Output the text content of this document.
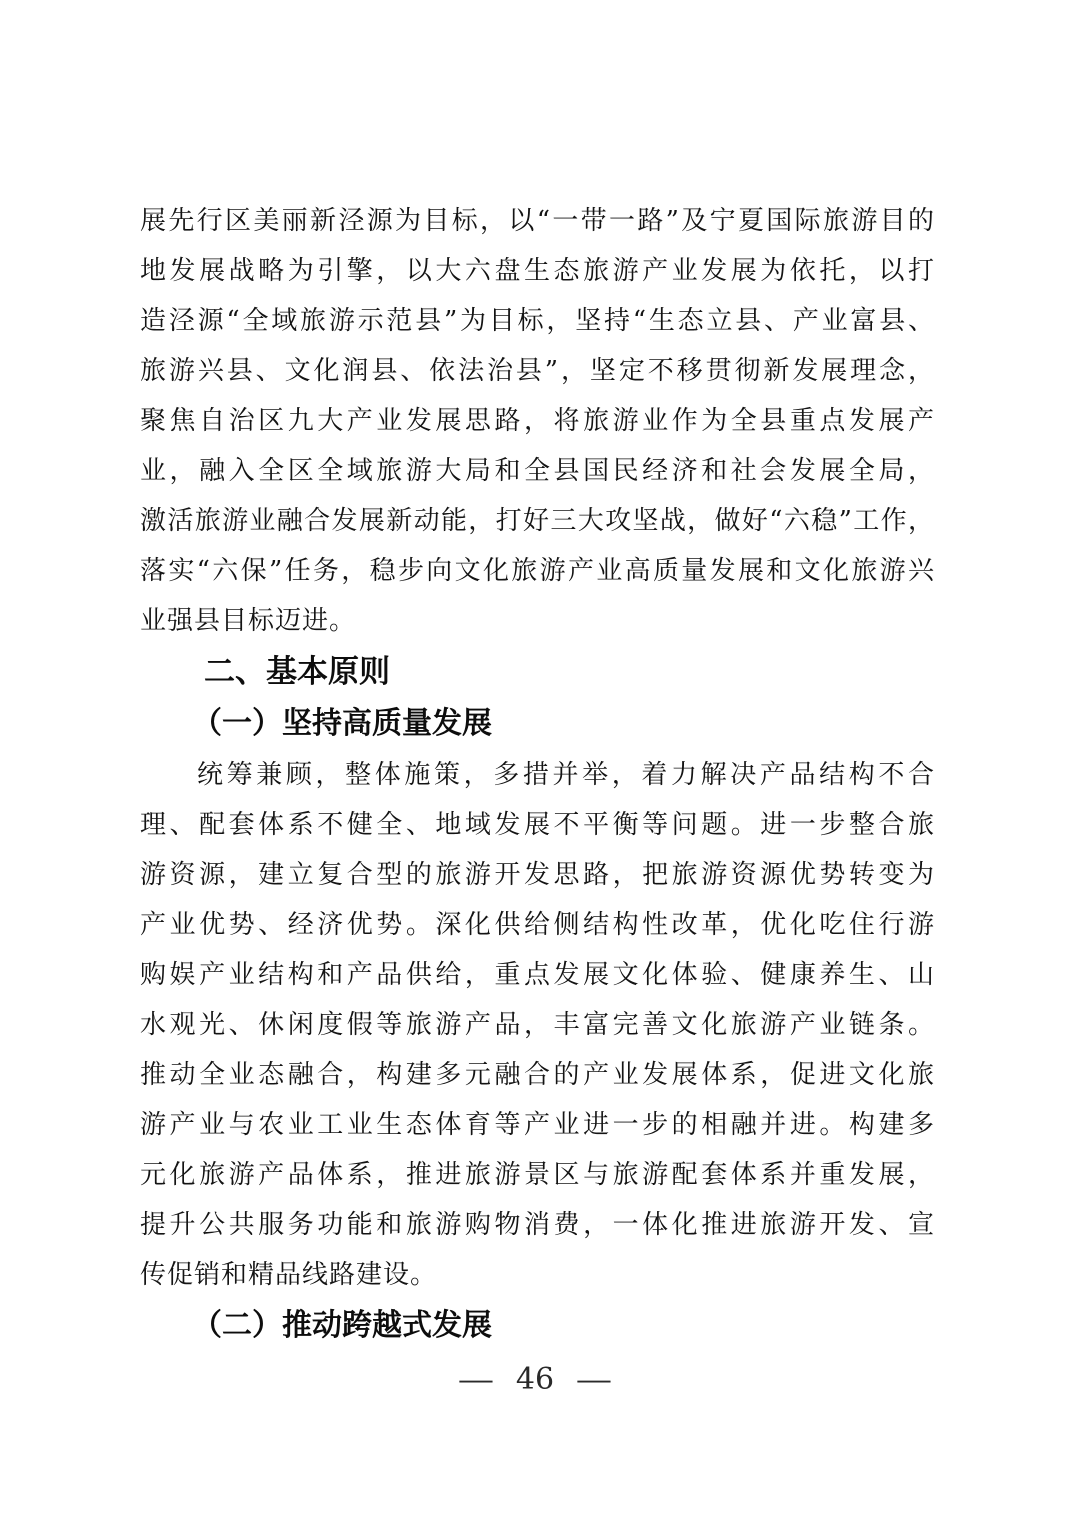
展先行区美丽新泾源为目标，以“一带一路”及宁夏国际旅游目的
地发展战略为引擎，以大六盘生态旅游产业发展为依托，以打
造泾源“全域旅游示范县”为目标，坚持“生态立县、产业富县、
旅游兴县、文化润县、依法治县”，坚定不移贯彻新发展理念，
聚焦自治区九大产业发展思路，将旅游业作为全县重点发展产
业，融入全区全域旅游大局和全县国民经济和社会发展全局，
激活旅游业融合发展新动能，打好三大攻坚战，做好“六稳”工作，
落实“六保”任务，稳步向文化旅游产业高质量发展和文化旅游兴
业强县目标迈进。
二、基本原则
（一）坚持高质量发展
统筹兼顾，整体施策，多措并举，着力解决产品结构不合
理、配套体系不健全、地域发展不平衡等问题。进一步整合旅
游资源，建立复合型的旅游开发思路，把旅游资源优势转变为
产业优势、经济优势。深化供给侧结构性改革，优化吃住行游
购娱产业结构和产品供给，重点发展文化体验、健康养生、山
水观光、休闲度假等旅游产品，丰富完善文化旅游产业链条。
推动全业态融合，构建多元融合的产业发展体系，促进文化旅
游产业与农业工业生态体育等产业进一步的相融并进。构建多
元化旅游产品体系，推进旅游景区与旅游配套体系并重发展，
提升公共服务功能和旅游购物消费，一体化推进旅游开发、宣
传促销和精品线路建设。
（二）推动跨越式发展
— 46 —
